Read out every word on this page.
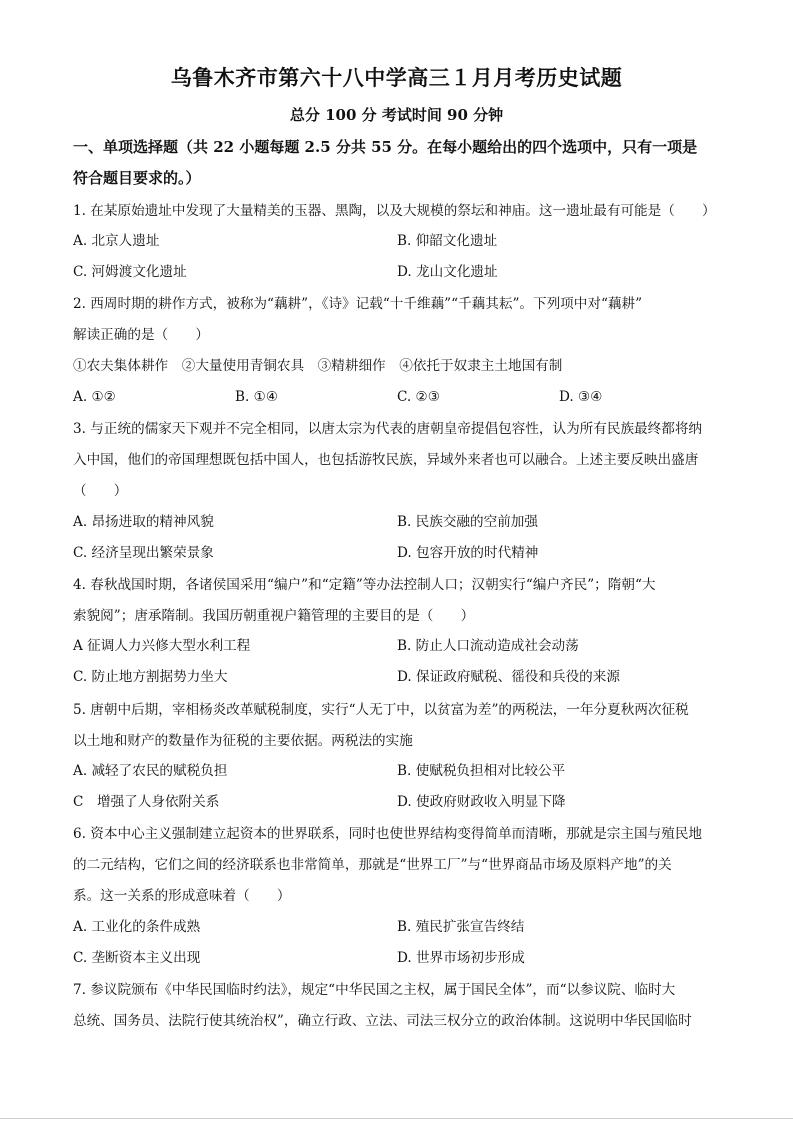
乌鲁木齐市第六十八中学高三１月月考历史试题
总分 100 分 考试时间 90 分钟
一、单项选择题（共 22 小题每题 2.5 分共 55 分。在每小题给出的四个选项中，只有一项是
符合题目要求的。）
1. 在某原始遗址中发现了大量精美的玉器、黑陶，以及大规模的祭坛和神庙。这一遗址最有可能是（　　）
A. 北京人遗址	B. 仰韶文化遗址
C. 河姆渡文化遗址	D. 龙山文化遗址
2. 西周时期的耕作方式，被称为“藕耕”，《诗》记载“十千维藕”“千藕其耘”。下列项中对“藕耕”
解读正确的是（　　）
①农夫集体耕作　②大量使用青铜农具　③精耕细作　④依托于奴隶主土地国有制
A. ①②	B. ①④	C. ②③	D. ③④
3. 与正统的儒家天下观并不完全相同，以唐太宗为代表的唐朝皇帝提倡包容性，认为所有民族最终都将纳
入中国，他们的帝国理想既包括中国人，也包括游牧民族，异域外来者也可以融合。上述主要反映出盛唐
（　　）
A. 昂扬进取的精神风貌	B. 民族交融的空前加强
C. 经济呈现出繁荣景象	D. 包容开放的时代精神
4. 春秋战国时期，各诸侯国采用“编户”和“定籍”等办法控制人口；汉朝实行“编户齐民”；隋朝“大
索貌阅”；唐承隋制。我国历朝重视户籍管理的主要目的是（　　）
A 征调人力兴修大型水利工程	B. 防止人口流动造成社会动荡
C. 防止地方割据势力坐大	D. 保证政府赋税、徭役和兵役的来源
5. 唐朝中后期，宰相杨炎改革赋税制度，实行“人无丁中，以贫富为差”的两税法，一年分夏秋两次征税
以土地和财产的数量作为征税的主要依据。两税法的实施
A. 减轻了农民的赋税负担	B. 使赋税负担相对比较公平
C　增强了人身依附关系	D. 使政府财政收入明显下降
6. 资本中心主义强制建立起资本的世界联系，同时也使世界结构变得简单而清晰，那就是宗主国与殖民地
的二元结构，它们之间的经济联系也非常简单，那就是“世界工厂”与“世界商品市场及原料产地”的关
系。这一关系的形成意味着（　　）
A. 工业化的条件成熟	B. 殖民扩张宣告终结
C. 垄断资本主义出现	D. 世界市场初步形成
7. 参议院颁布《中华民国临时约法》，规定“中华民国之主权，属于国民全体”，而“以参议院、临时大
总统、国务员、法院行使其统治权”，确立行政、立法、司法三权分立的政治体制。这说明中华民国临时
